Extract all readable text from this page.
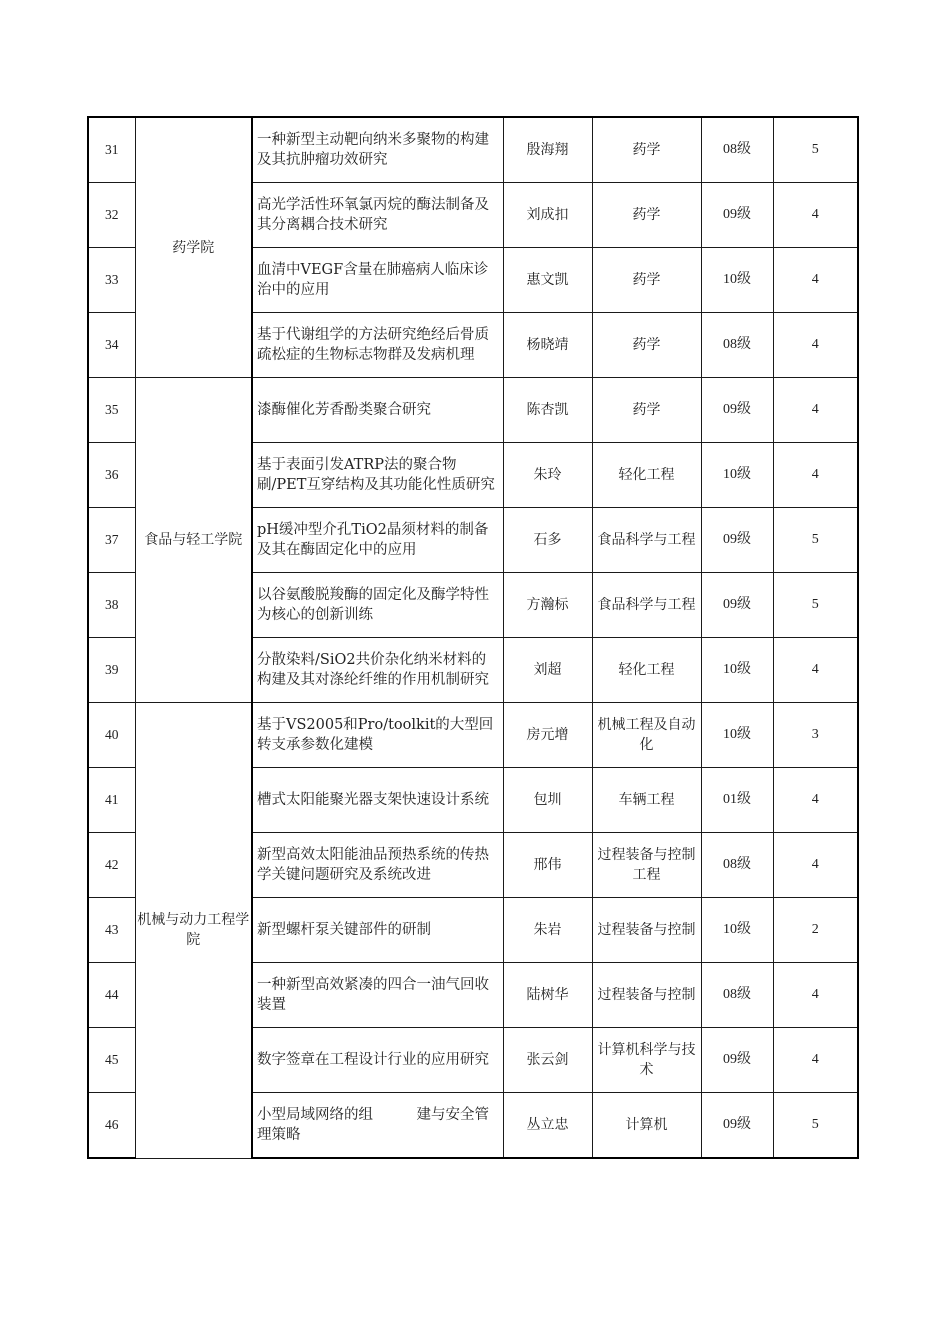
31	药学院	一种新型主动靶向纳米多聚物的构建及其抗肿瘤功效研究	殷海翔	药学	08级	5
32		高光学活性环氧氯丙烷的酶法制备及其分离耦合技术研究	刘成扣	药学	09级	4
33		血清中VEGF含量在肺癌病人临床诊治中的应用	惠文凯	药学	10级	4
34		基于代谢组学的方法研究绝经后骨质疏松症的生物标志物群及发病机理	杨晓靖	药学	08级	4
35	食品与轻工学院	漆酶催化芳香酚类聚合研究	陈杏凯	药学	09级	4
36		基于表面引发ATRP法的聚合物刷/PET互穿结构及其功能化性质研究	朱玲	轻化工程	10级	4
37		pH缓冲型介孔TiO2晶须材料的制备及其在酶固定化中的应用	石多	食品科学与工程	09级	5
38		以谷氨酸脱羧酶的固定化及酶学特性为核心的创新训练	方瀚标	食品科学与工程	09级	5
39		分散染料/SiO2共价杂化纳米材料的构建及其对涤纶纤维的作用机制研究	刘超	轻化工程	10级	4
40	机械与动力工程学院	基于VS2005和Pro/toolkit的大型回转支承参数化建模	房元增	机械工程及自动化	10级	3
41		槽式太阳能聚光器支架快速设计系统	包圳	车辆工程	01级	4
42		新型高效太阳能油品预热系统的传热学关键问题研究及系统改进	邢伟	过程装备与控制工程	08级	4
43		新型螺杆泵关键部件的研制	朱岩	过程装备与控制	10级	2
44		一种新型高效紧凑的四合一油气回收装置	陆树华	过程装备与控制	08级	4
45		数字签章在工程设计行业的应用研究	张云剑	计算机科学与技术	09级	4
46		小型局域网络的组　　　建与安全管理策略	丛立忠	计算机	09级	5
